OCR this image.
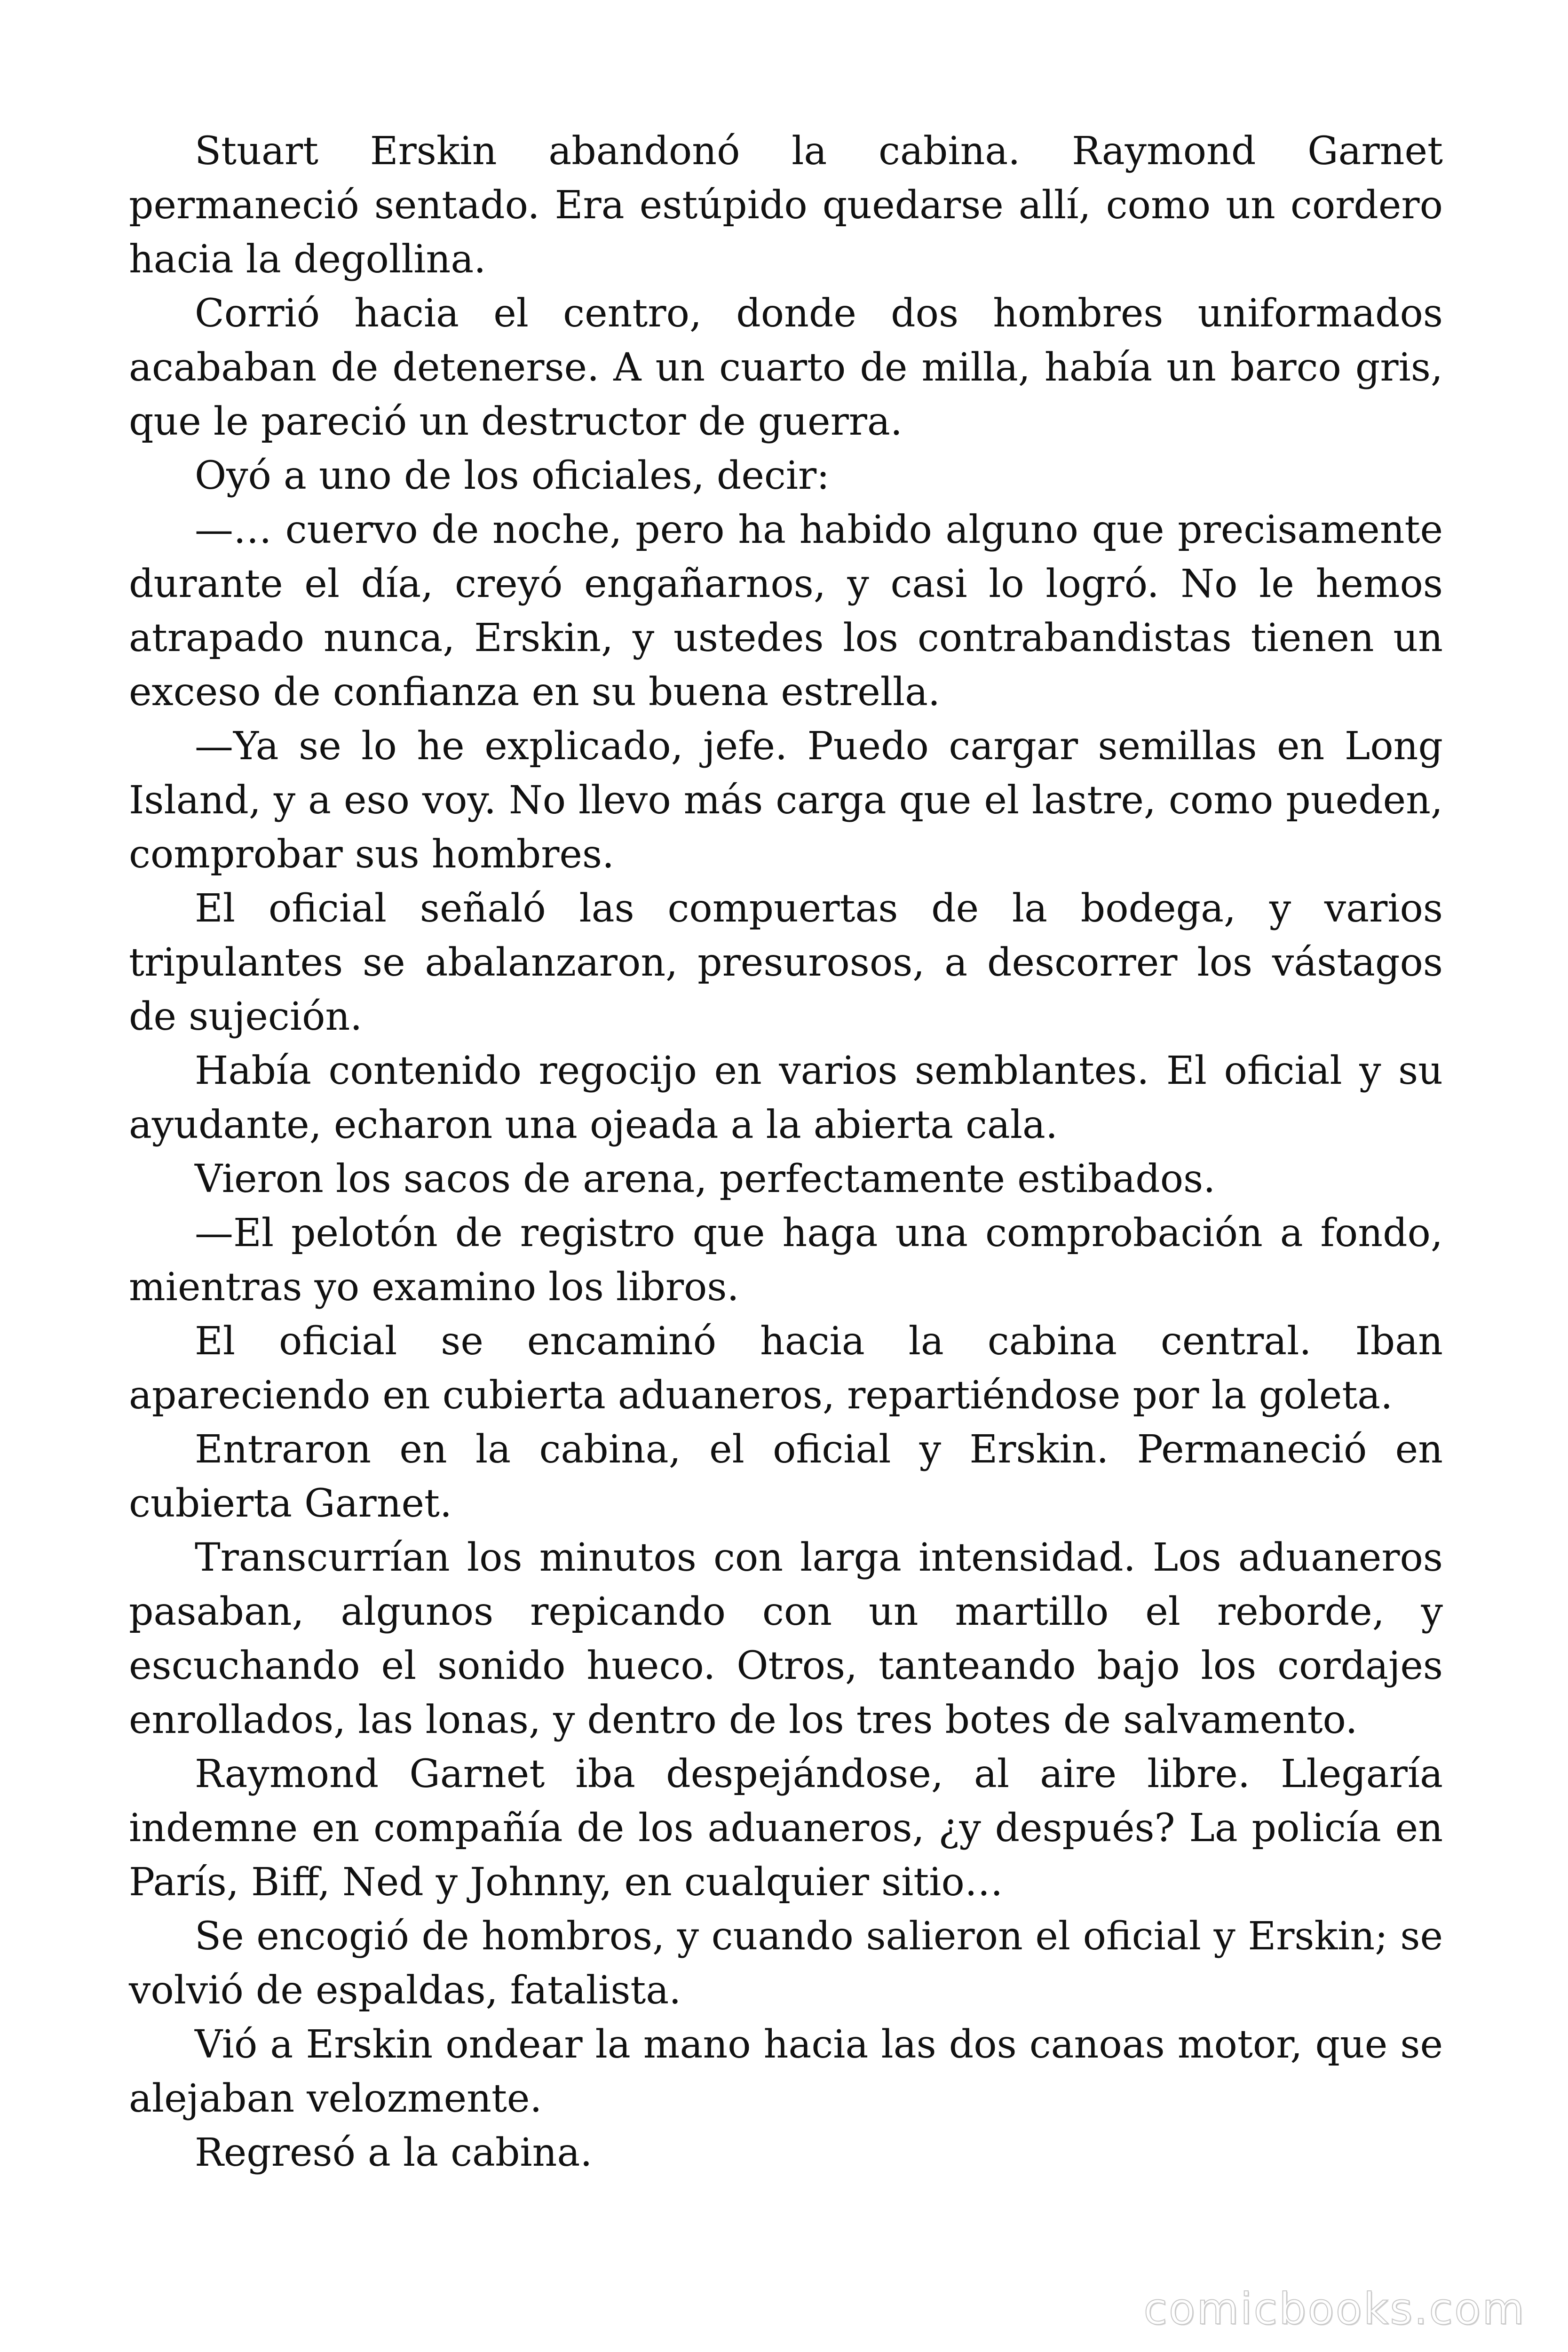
Stuart Erskin abandonó la cabina. Raymond Garnet permaneció sentado. Era estúpido quedarse allí, como un cordero hacia la degollina.

Corrió hacia el centro, donde dos hombres uniformados acababan de detenerse. A un cuarto de milla, había un barco gris, que le pareció un destructor de guerra.

Oyó a uno de los oficiales, decir:

—… cuervo de noche, pero ha habido alguno que precisamente durante el día, creyó engañarnos, y casi lo logró. No le hemos atrapado nunca, Erskin, y ustedes los contrabandistas tienen un exceso de confianza en su buena estrella.

—Ya se lo he explicado, jefe. Puedo cargar semillas en Long Island, y a eso voy. No llevo más carga que el lastre, como pueden, comprobar sus hombres.

El oficial señaló las compuertas de la bodega, y varios tripulantes se abalanzaron, presurosos, a descorrer los vástagos de sujeción.

Había contenido regocijo en varios semblantes. El oficial y su ayudante, echaron una ojeada a la abierta cala.

Vieron los sacos de arena, perfectamente estibados.

—El pelotón de registro que haga una comprobación a fondo, mientras yo examino los libros.

El oficial se encaminó hacia la cabina central. Iban apareciendo en cubierta aduaneros, repartiéndose por la goleta.

Entraron en la cabina, el oficial y Erskin. Permaneció en cubierta Garnet.

Transcurrían los minutos con larga intensidad. Los aduaneros pasaban, algunos repicando con un martillo el reborde, y escuchando el sonido hueco. Otros, tanteando bajo los cordajes enrollados, las lonas, y dentro de los tres botes de salvamento.

Raymond Garnet iba despejándose, al aire libre. Llegaría indemne en compañía de los aduaneros, ¿y después? La policía en París, Biff, Ned y Johnny, en cualquier sitio…

Se encogió de hombros, y cuando salieron el oficial y Erskin; se volvió de espaldas, fatalista.

Vió a Erskin ondear la mano hacia las dos canoas motor, que se alejaban velozmente.

Regresó a la cabina.

comicbooks.com
